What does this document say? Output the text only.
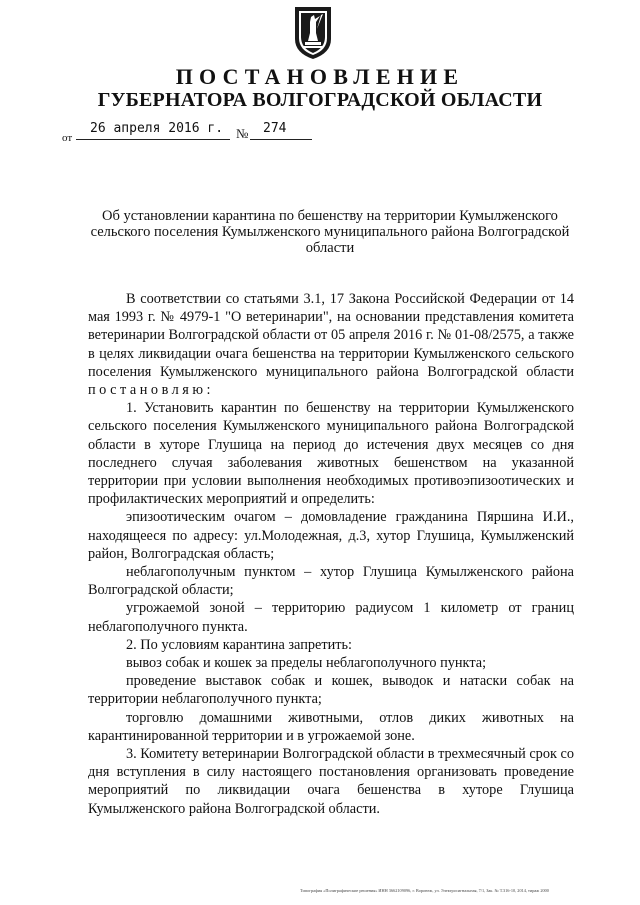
ПОСТАНОВЛЕНИЕ
ГУБЕРНАТОРА ВОЛГОГРАДСКОЙ ОБЛАСТИ
от
26 апреля 2016 г. № 274
Об установлении карантина по бешенству на территории Кумылженского сельского поселения Кумылженского муниципального района Волгоградской области

В соответствии со статьями 3.1, 17 Закона Российской Федерации от 14 мая 1993 г. № 4979-1 "О ветеринарии", на основании представления комитета ветеринарии Волгоградской области от 05 апреля 2016 г. № 01-08/2575, а также в целях ликвидации очага бешенства на территории Кумылженского сельского поселения Кумылженского муниципального района Волгоградской области постановляю:

1. Установить карантин по бешенству на территории Кумылженского сельского поселения Кумылженского муниципального района Волгоградской области в хуторе Глушица на период до истечения двух месяцев со дня последнего случая заболевания животных бешенством на указанной территории при условии выполнения необходимых противоэпизоотических и профилактических мероприятий и определить:

эпизоотическим очагом – домовладение гражданина Пяршина И.И., находящееся по адресу: ул.Молодежная, д.3, хутор Глушица, Кумылженский район, Волгоградская область;

неблагополучным пунктом – хутор Глушица Кумылженского района Волгоградской области;

угрожаемой зоной – территорию радиусом 1 километр от границ неблагополучного пункта.

2. По условиям карантина запретить:

вывоз собак и кошек за пределы неблагополучного пункта;

проведение выставок собак и кошек, выводок и натаски собак на территории неблагополучного пункта;

торговлю домашними животными, отлов диких животных на карантинированной территории и в угрожаемой зоне.

3. Комитету ветеринарии Волгоградской области в трехмесячный срок со дня вступления в силу настоящего постановления организовать проведение мероприятий по ликвидации очага бешенства в хуторе Глушица Кумылженского района Волгоградской области.

Типография «Полиграфические решения» ИНН 3662109096, г. Воронеж, ул. Электросигнальная, 7/1, Зак. № Т.316-10, 2014, тираж 2000
